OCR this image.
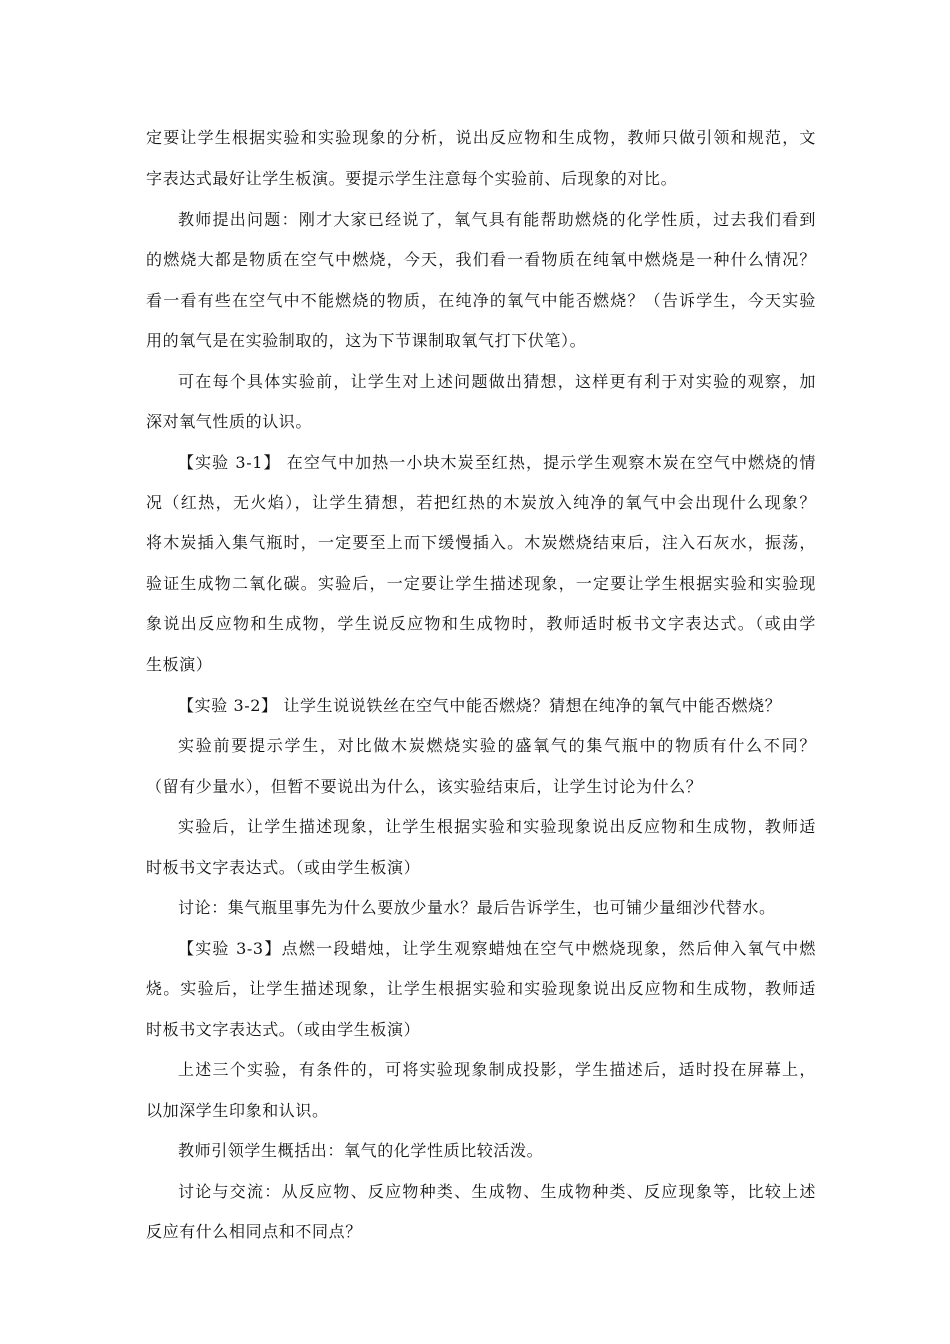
定要让学生根据实验和实验现象的分析，说出反应物和生成物，教师只做引领和规范，文
字表达式最好让学生板演。要提示学生注意每个实验前、后现象的对比。
教师提出问题：刚才大家已经说了，氧气具有能帮助燃烧的化学性质，过去我们看到
的燃烧大都是物质在空气中燃烧，今天，我们看一看物质在纯氧中燃烧是一种什么情况？
看一看有些在空气中不能燃烧的物质，在纯净的氧气中能否燃烧？（告诉学生，今天实验
用的氧气是在实验制取的，这为下节课制取氧气打下伏笔）。
可在每个具体实验前，让学生对上述问题做出猜想，这样更有利于对实验的观察，加
深对氧气性质的认识。
【实验 3-1】 在空气中加热一小块木炭至红热，提示学生观察木炭在空气中燃烧的情
况（红热，无火焰），让学生猜想，若把红热的木炭放入纯净的氧气中会出现什么现象？
将木炭插入集气瓶时，一定要至上而下缓慢插入。木炭燃烧结束后，注入石灰水，振荡，
验证生成物二氧化碳。实验后，一定要让学生描述现象，一定要让学生根据实验和实验现
象说出反应物和生成物，学生说反应物和生成物时，教师适时板书文字表达式。（或由学
生板演）
【实验 3-2】 让学生说说铁丝在空气中能否燃烧？猜想在纯净的氧气中能否燃烧？
实验前要提示学生，对比做木炭燃烧实验的盛氧气的集气瓶中的物质有什么不同？
（留有少量水），但暂不要说出为什么，该实验结束后，让学生讨论为什么？
实验后，让学生描述现象，让学生根据实验和实验现象说出反应物和生成物，教师适
时板书文字表达式。（或由学生板演）
讨论：集气瓶里事先为什么要放少量水？最后告诉学生，也可铺少量细沙代替水。
【实验 3-3】点燃一段蜡烛，让学生观察蜡烛在空气中燃烧现象，然后伸入氧气中燃
烧。实验后，让学生描述现象，让学生根据实验和实验现象说出反应物和生成物，教师适
时板书文字表达式。（或由学生板演）
上述三个实验，有条件的，可将实验现象制成投影，学生描述后，适时投在屏幕上，
以加深学生印象和认识。
教师引领学生概括出：氧气的化学性质比较活泼。
讨论与交流：从反应物、反应物种类、生成物、生成物种类、反应现象等，比较上述
反应有什么相同点和不同点？
